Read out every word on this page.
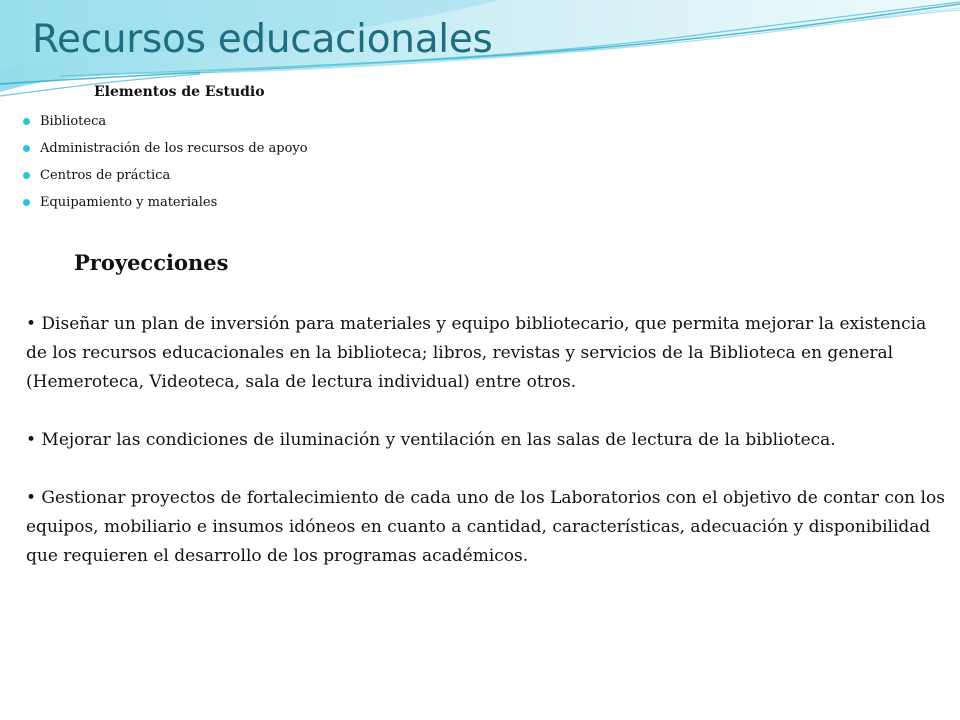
Recursos educacionales
Elementos de Estudio
Biblioteca
Administración de los recursos de apoyo
Centros de práctica
Equipamiento y materiales
Proyecciones

• Diseñar un plan de inversión para materiales y equipo bibliotecario, que permita mejorar la existencia de los recursos educacionales en la biblioteca; libros, revistas y servicios de la Biblioteca en general (Hemeroteca, Videoteca, sala de lectura individual) entre otros.

• Mejorar las condiciones de iluminación y ventilación en las salas de lectura de la biblioteca.

• Gestionar proyectos de fortalecimiento de cada uno de los Laboratorios con el objetivo de contar con los equipos, mobiliario e insumos idóneos en cuanto a cantidad, características, adecuación y disponibilidad que requieren el desarrollo de los programas académicos.
